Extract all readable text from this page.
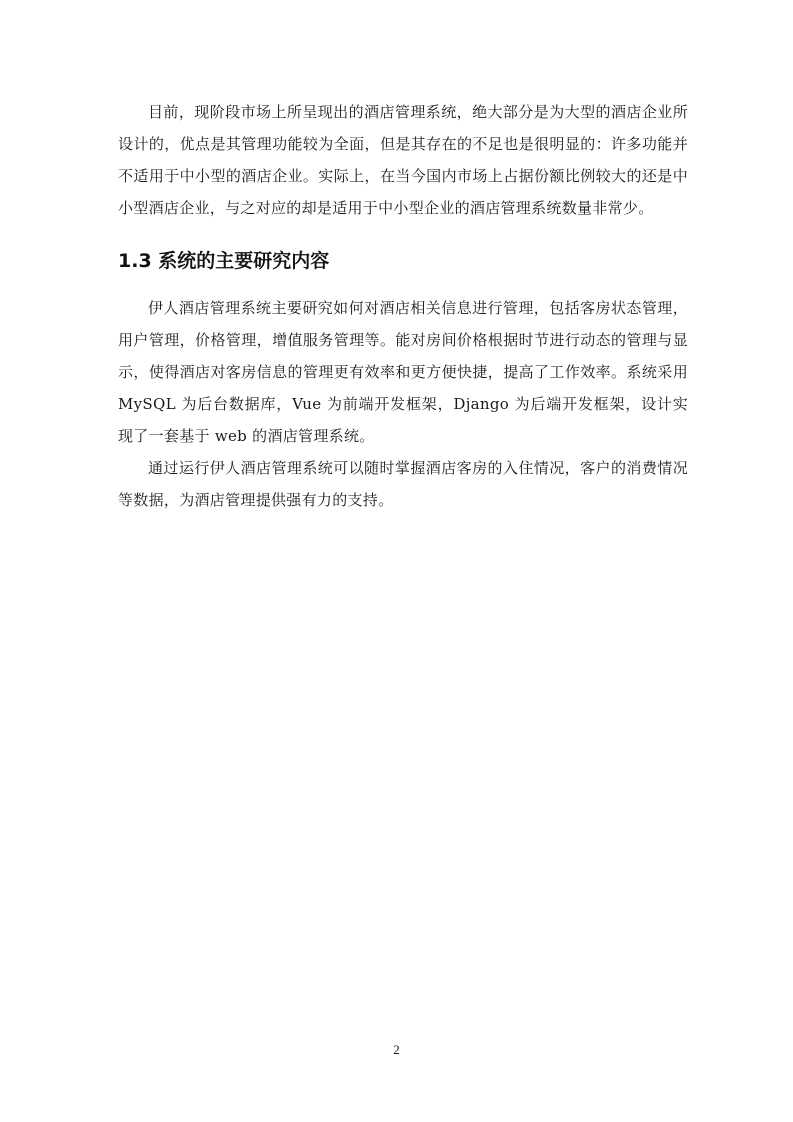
目前，现阶段市场上所呈现出的酒店管理系统，绝大部分是为大型的酒店企业所设计的，优点是其管理功能较为全面，但是其存在的不足也是很明显的：许多功能并不适用于中小型的酒店企业。实际上，在当今国内市场上占据份额比例较大的还是中小型酒店企业，与之对应的却是适用于中小型企业的酒店管理系统数量非常少。

1.3 系统的主要研究内容

伊人酒店管理系统主要研究如何对酒店相关信息进行管理，包括客房状态管理，用户管理，价格管理，增值服务管理等。能对房间价格根据时节进行动态的管理与显示，使得酒店对客房信息的管理更有效率和更方便快捷，提高了工作效率。系统采用 MySQL 为后台数据库，Vue 为前端开发框架，Django 为后端开发框架，设计实现了一套基于 web 的酒店管理系统。

通过运行伊人酒店管理系统可以随时掌握酒店客房的入住情况，客户的消费情况等数据，为酒店管理提供强有力的支持。

2
